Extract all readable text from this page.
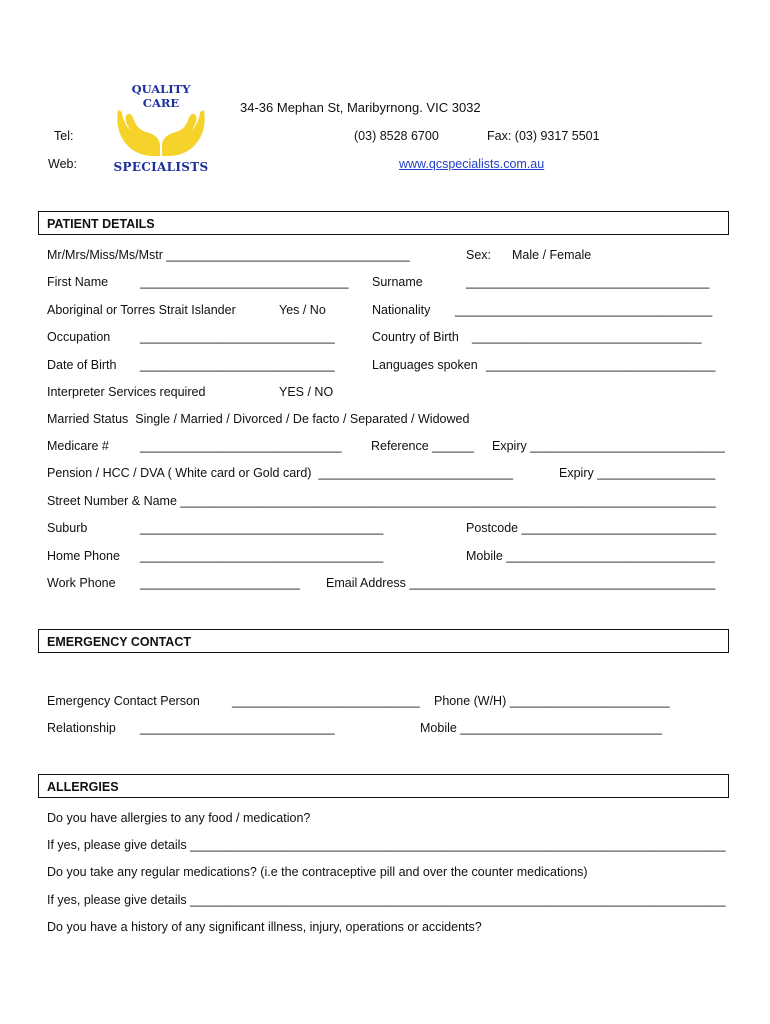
QUALITY
CARE
SPECIALISTS
34-36 Mephan St, Maribyrnong. VIC 3032
Tel:	(03) 8528 6700	Fax: (03) 9317 5501
Web:	www.qcspecialists.com.au
PATIENT DETAILS
Mr/Mrs/Miss/Ms/Mstr ___________________________________	Sex: Male / Female
First Name	______________________________ Surname	___________________________________
Aboriginal or Torres Strait Islander	Yes / No	Nationality _____________________________________
Occupation ____________________________	Country of Birth _________________________________
Date of Birth ____________________________	Languages spoken _________________________________
Interpreter Services required	YES / NO
Married Status  Single / Married / Divorced / De facto / Separated / Widowed
Medicare # _____________________________ Reference ______ Expiry ____________________________
Pension / HCC / DVA ( White card or Gold card)  ____________________________	Expiry _________________
Street Number & Name _____________________________________________________________________________
Suburb	___________________________________	Postcode ____________________________
Home Phone ___________________________________	Mobile ______________________________
Work Phone _______________________ Email Address ____________________________________________
EMERGENCY CONTACT
Emergency Contact Person	___________________________ Phone (W/H) _______________________
Relationship ____________________________	Mobile _____________________________
ALLERGIES
Do you have allergies to any food / medication?
If yes, please give details _____________________________________________________________________________
Do you take any regular medications? (i.e the contraceptive pill and over the counter medications)
If yes, please give details _____________________________________________________________________________
Do you have a history of any significant illness, injury, operations or accidents?
